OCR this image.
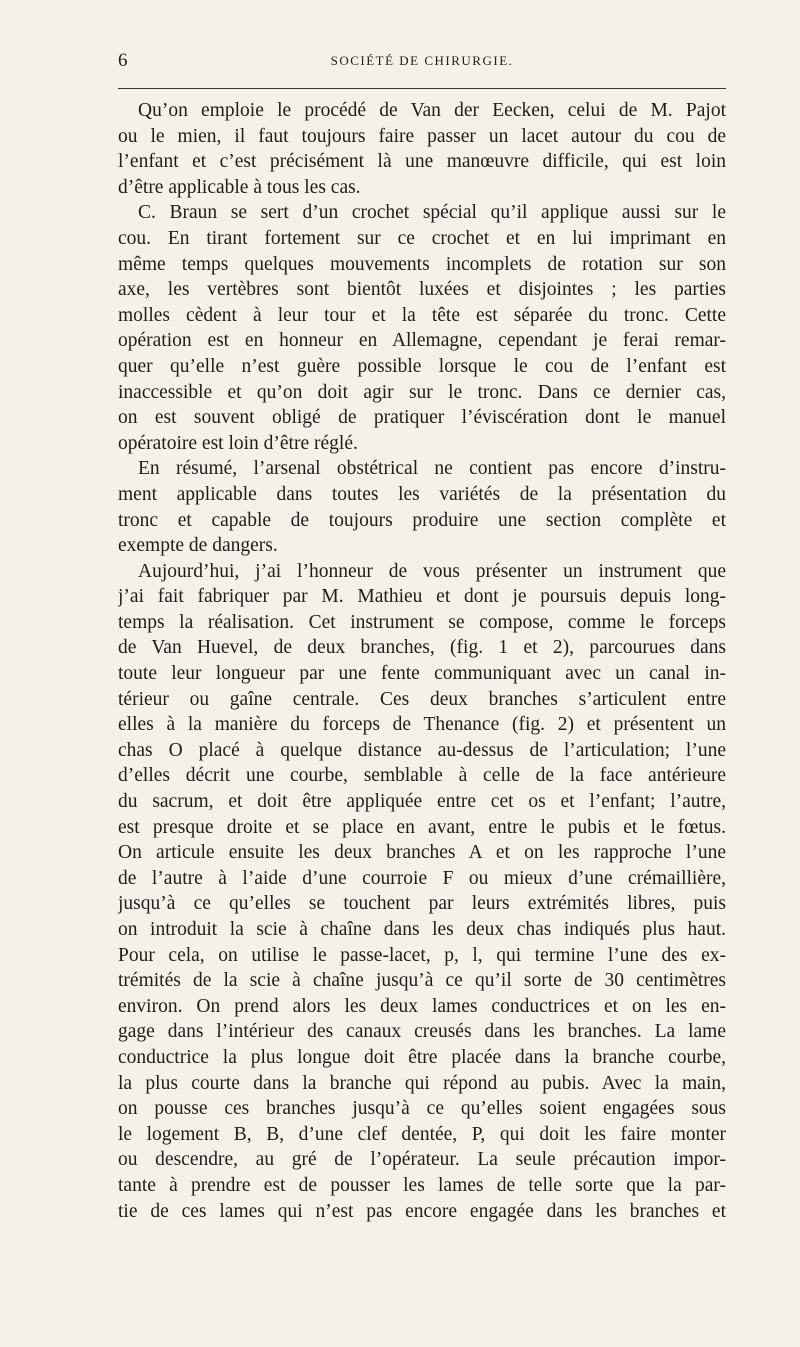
6	SOCIÉTÉ DE CHIRURGIE.
Qu’on emploie le procédé de Van der Eecken, celui de M. Pajot
ou le mien, il faut toujours faire passer un lacet autour du cou de
l’enfant et c’est précisément là une manœuvre difficile, qui est loin
d’être applicable à tous les cas.
C. Braun se sert d’un crochet spécial qu’il applique aussi sur le
cou. En tirant fortement sur ce crochet et en lui imprimant en
même temps quelques mouvements incomplets de rotation sur son
axe, les vertèbres sont bientôt luxées et disjointes ; les parties
molles cèdent à leur tour et la tête est séparée du tronc. Cette
opération est en honneur en Allemagne, cependant je ferai remar-
quer qu’elle n’est guère possible lorsque le cou de l’enfant est
inaccessible et qu’on doit agir sur le tronc. Dans ce dernier cas,
on est souvent obligé de pratiquer l’éviscération dont le manuel
opératoire est loin d’être réglé.
En résumé, l’arsenal obstétrical ne contient pas encore d’instru-
ment applicable dans toutes les variétés de la présentation du
tronc et capable de toujours produire une section complète et
exempte de dangers.
Aujourd’hui, j’ai l’honneur de vous présenter un instrument que
j’ai fait fabriquer par M. Mathieu et dont je poursuis depuis long-
temps la réalisation. Cet instrument se compose, comme le forceps
de Van Huevel, de deux branches, (fig. 1 et 2), parcourues dans
toute leur longueur par une fente communiquant avec un canal in-
térieur ou gaîne centrale. Ces deux branches s’articulent entre
elles à la manière du forceps de Thenance (fig. 2) et présentent un
chas O placé à quelque distance au-dessus de l’articulation; l’une
d’elles décrit une courbe, semblable à celle de la face antérieure
du sacrum, et doit être appliquée entre cet os et l’enfant; l’autre,
est presque droite et se place en avant, entre le pubis et le fœtus.
On articule ensuite les deux branches A et on les rapproche l’une
de l’autre à l’aide d’une courroie F ou mieux d’une crémaillière,
jusqu’à ce qu’elles se touchent par leurs extrémités libres, puis
on introduit la scie à chaîne dans les deux chas indiqués plus haut.
Pour cela, on utilise le passe-lacet, p, l, qui termine l’une des ex-
trémités de la scie à chaîne jusqu’à ce qu’il sorte de 30 centimètres
environ. On prend alors les deux lames conductrices et on les en-
gage dans l’intérieur des canaux creusés dans les branches. La lame
conductrice la plus longue doit être placée dans la branche courbe,
la plus courte dans la branche qui répond au pubis. Avec la main,
on pousse ces branches jusqu’à ce qu’elles soient engagées sous
le logement B, B, d’une clef dentée, P, qui doit les faire monter
ou descendre, au gré de l’opérateur. La seule précaution impor-
tante à prendre est de pousser les lames de telle sorte que la par-
tie de ces lames qui n’est pas encore engagée dans les branches et
